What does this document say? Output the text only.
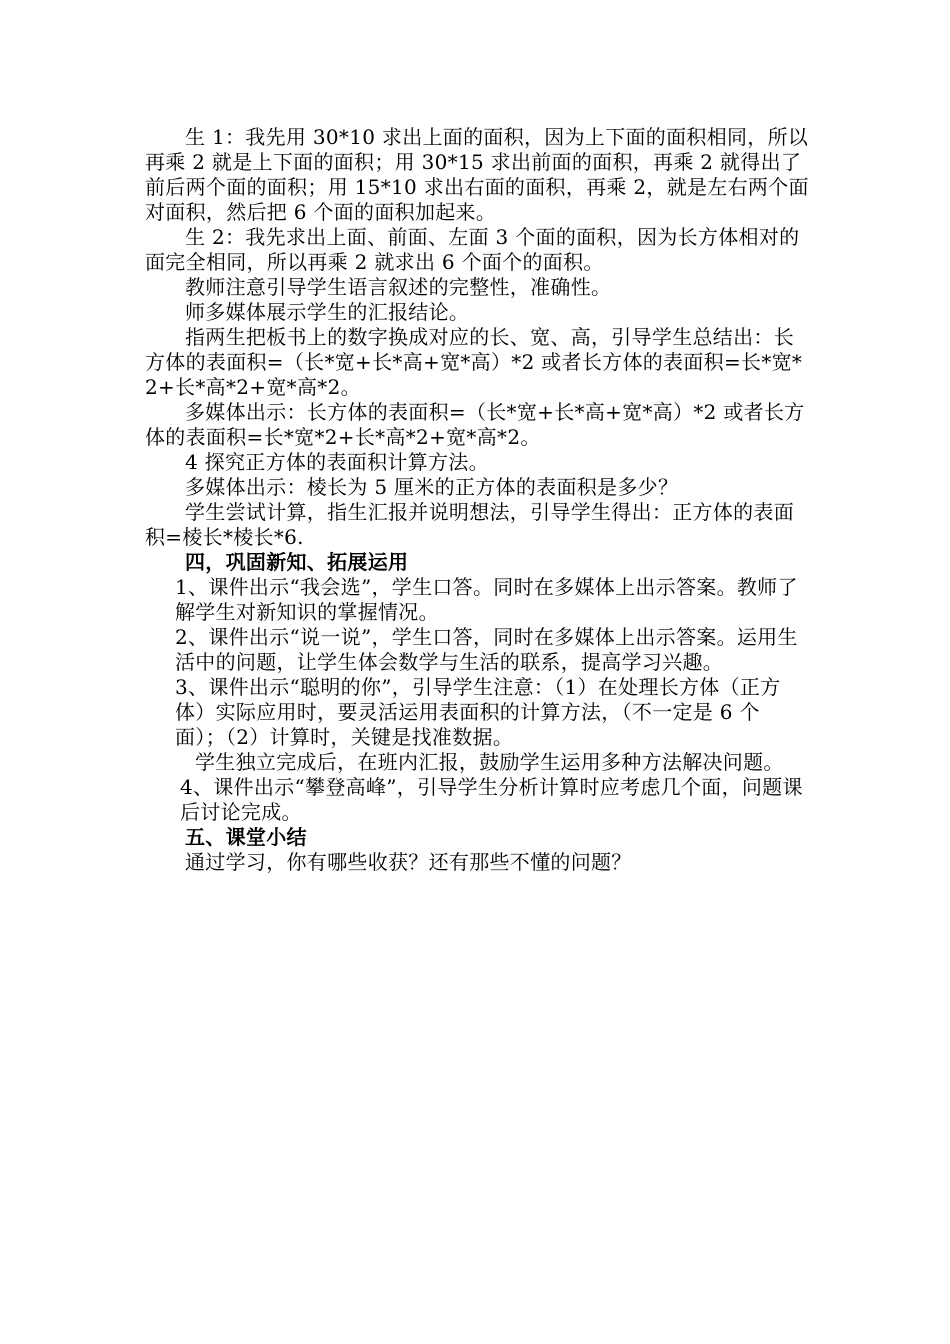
生 1：我先用 30*10 求出上面的面积，因为上下面的面积相同，所以再乘 2 就是上下面的面积；用 30*15 求出前面的面积，再乘 2 就得出了前后两个面的面积；用 15*10 求出右面的面积，再乘 2，就是左右两个面对面积，然后把 6 个面的面积加起来。

生 2：我先求出上面、前面、左面 3 个面的面积，因为长方体相对的面完全相同，所以再乘 2 就求出 6 个面个的面积。

教师注意引导学生语言叙述的完整性，准确性。

师多媒体展示学生的汇报结论。

指两生把板书上的数字换成对应的长、宽、高，引导学生总结出：长方体的表面积=（长*宽+长*高+宽*高）*2 或者长方体的表面积=长*宽*2+长*高*2+宽*高*2。

多媒体出示：长方体的表面积=（长*宽+长*高+宽*高）*2 或者长方体的表面积=长*宽*2+长*高*2+宽*高*2。

4 探究正方体的表面积计算方法。

多媒体出示：棱长为 5 厘米的正方体的表面积是多少？

学生尝试计算，指生汇报并说明想法，引导学生得出：正方体的表面积=棱长*棱长*6.

四，巩固新知、拓展运用

1、课件出示“我会选”，学生口答。同时在多媒体上出示答案。教师了解学生对新知识的掌握情况。

2、课件出示“说一说”，学生口答，同时在多媒体上出示答案。运用生活中的问题，让学生体会数学与生活的联系，提高学习兴趣。

3、课件出示“聪明的你”，引导学生注意：（1）在处理长方体（正方体）实际应用时，要灵活运用表面积的计算方法，（不一定是 6 个面）；（2）计算时，关键是找准数据。

学生独立完成后，在班内汇报，鼓励学生运用多种方法解决问题。

4、课件出示“攀登高峰”，引导学生分析计算时应考虑几个面，问题课后讨论完成。

五、课堂小结

通过学习，你有哪些收获？还有那些不懂的问题？
